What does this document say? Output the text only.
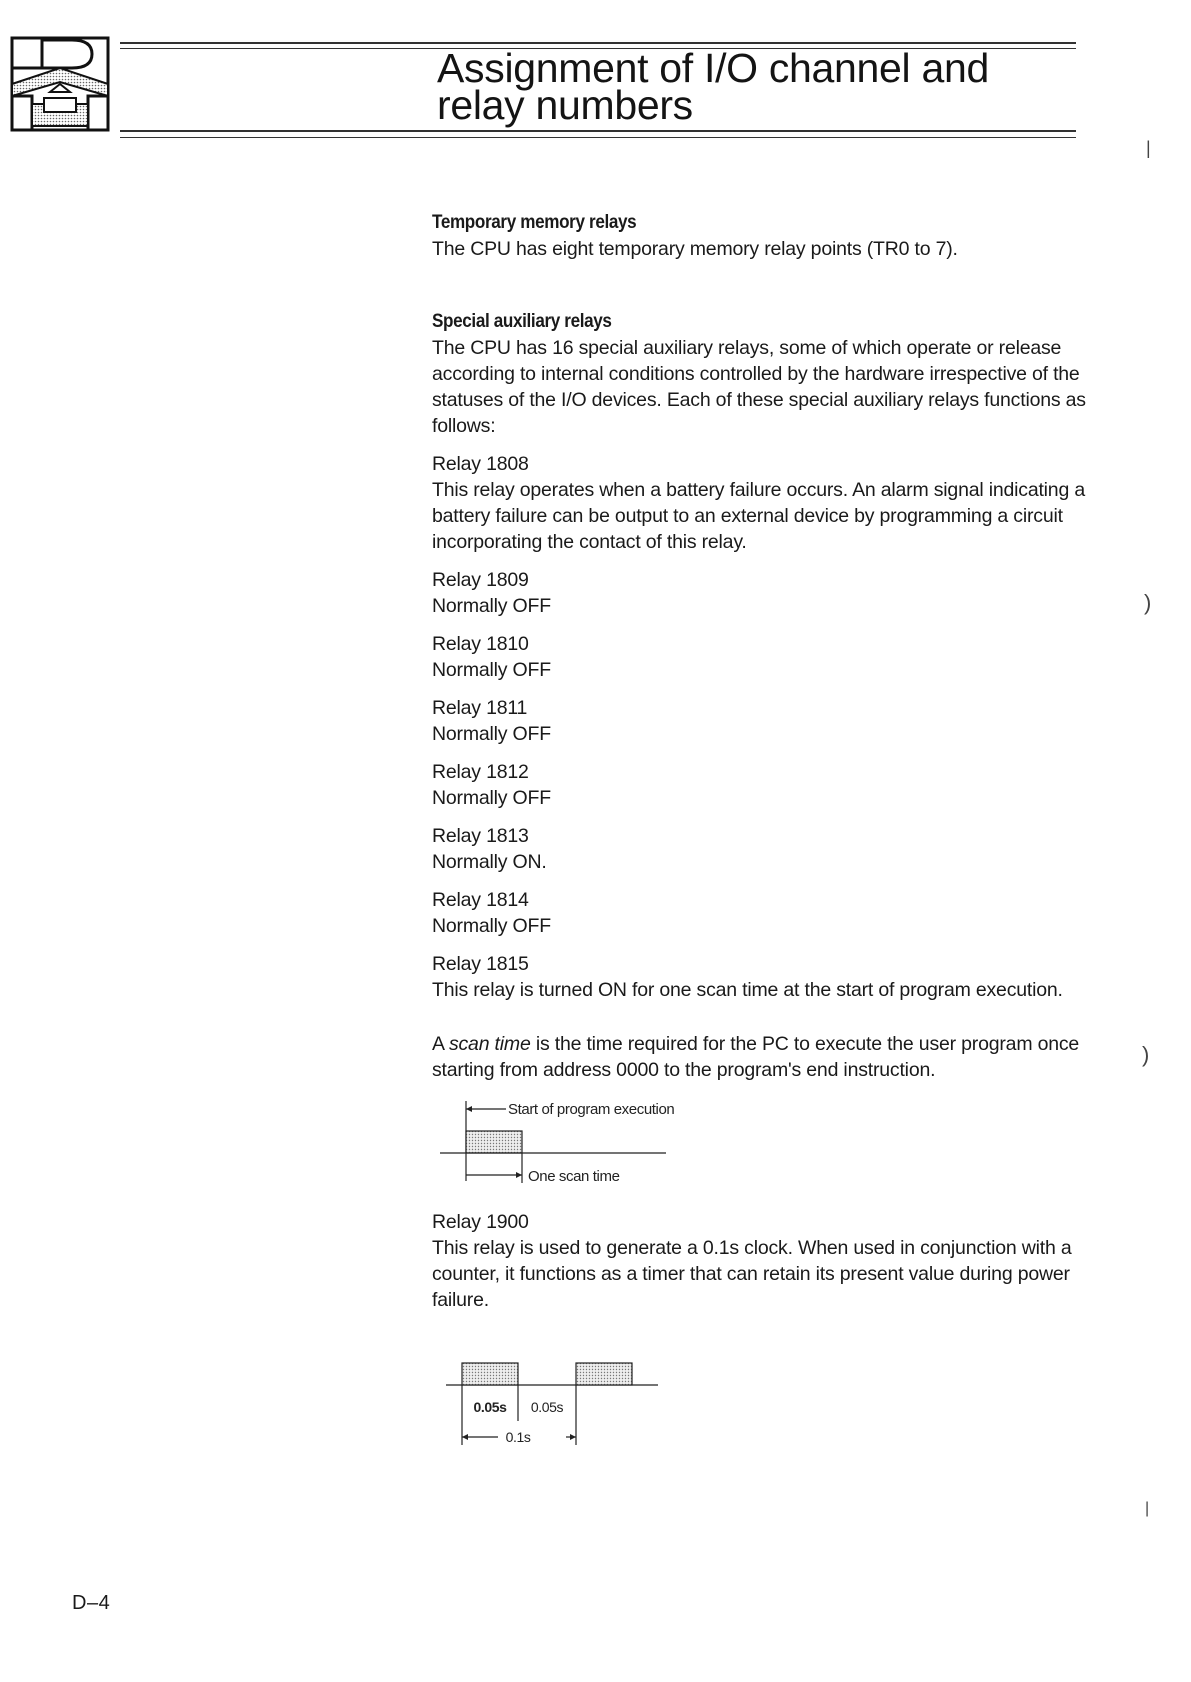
Assignment of I/O channel and
relay numbers
Temporary memory relays

The CPU has eight temporary memory relay points (TR0 to 7).

Special auxiliary relays

The CPU has 16 special auxiliary relays, some of which operate or release according to internal conditions controlled by the hardware irrespective of the statuses of the I/O devices. Each of these special auxiliary relays functions as follows:

Relay 1808

This relay operates when a battery failure occurs. An alarm signal indicating a battery failure can be output to an external device by programming a circuit incorporating the contact of this relay.

Relay 1809

Normally OFF

Relay 1810

Normally OFF

Relay 1811

Normally OFF

Relay 1812

Normally OFF

Relay 1813

Normally ON.

Relay 1814

Normally OFF

Relay 1815

This relay is turned ON for one scan time at the start of program execution.

A scan time is the time required for the PC to execute the user program once starting from address 0000 to the program's end instruction.

Start of program execution
One scan time

Relay 1900

This relay is used to generate a 0.1s clock. When used in conjunction with a counter, it functions as a timer that can retain its present value during power failure.

0.05s 0.05s
0.1s
D–4
|
)
)
|
